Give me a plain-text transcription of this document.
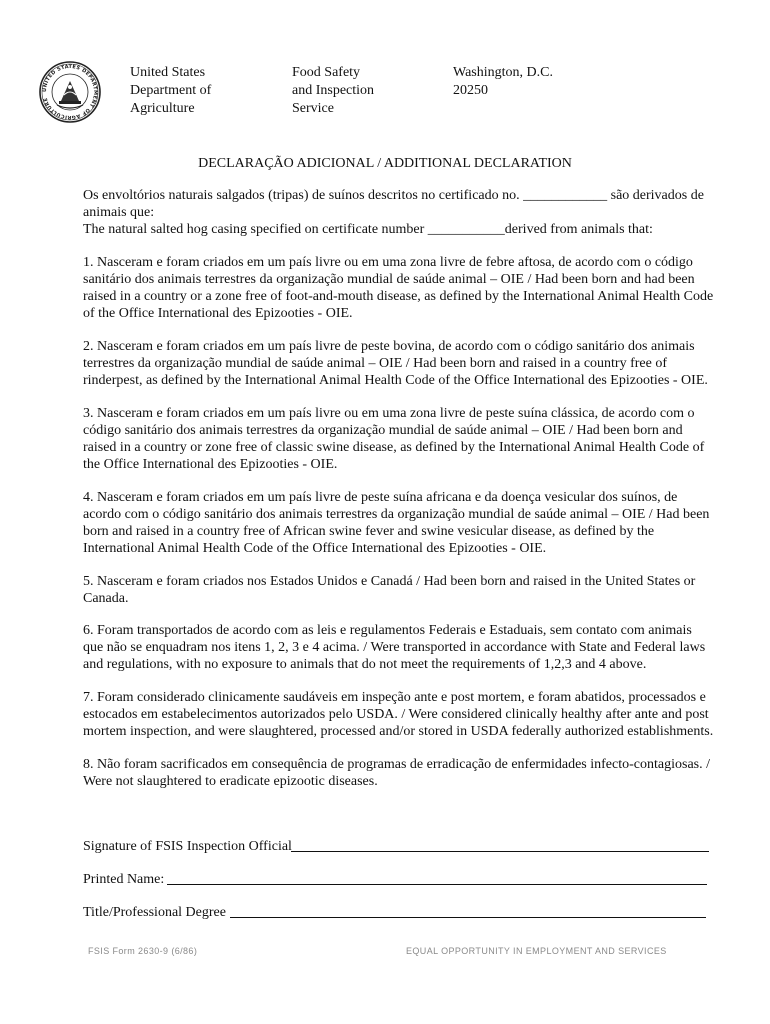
UNITED STATES DEPARTMENT OF AGRICULTURE
United States
Department of
Agriculture
Food Safety
and Inspection
Service
Washington, D.C.
20250
DECLARAÇÃO ADICIONAL / ADDITIONAL DECLARATION

Os envoltórios naturais salgados (tripas) de suínos descritos no certificado no. ____________ são derivados de animais que:

The natural salted hog casing specified on certificate number ___________derived from animals that:

1. Nasceram e foram criados em um país livre ou em uma zona livre de febre aftosa, de acordo com o código sanitário dos animais terrestres da organização mundial de saúde animal – OIE / Had been born and had been raised in a country or a zone free of foot-and-mouth disease, as defined by the International Animal Health Code of the Office International des Epizooties - OIE.

2. Nasceram e foram criados em um país livre de peste bovina, de acordo com o código sanitário dos animais terrestres da organização mundial de saúde animal – OIE / Had been born and raised in a country free of rinderpest, as defined by the International Animal Health Code of the Office International des Epizooties - OIE.

3. Nasceram e foram criados em um país livre ou em uma zona livre de peste suína clássica, de acordo com o código sanitário dos animais terrestres da organização mundial de saúde animal – OIE / Had been born and raised in a country or zone free of classic swine disease, as defined by the International Animal Health Code of the Office International des Epizooties - OIE.

4. Nasceram e foram criados em um país livre de peste suína africana e da doença vesicular dos suínos, de acordo com o código sanitário dos animais terrestres da organização mundial de saúde animal – OIE / Had been born and raised in a country free of African swine fever and swine vesicular disease, as defined by the International Animal Health Code of the Office International des Epizooties - OIE.

5. Nasceram e foram criados nos Estados Unidos e Canadá / Had been born and raised in the United States or Canada.

6. Foram transportados de acordo com as leis e regulamentos Federais e Estaduais, sem contato com animais que não se enquadram nos itens 1, 2, 3 e 4 acima. / Were transported in accordance with State and Federal laws and regulations, with no exposure to animals that do not meet the requirements of 1,2,3 and 4 above.

7. Foram considerado clinicamente saudáveis em inspeção ante e post mortem, e foram abatidos, processados e estocados em estabelecimentos autorizados pelo USDA. / Were considered clinically healthy after ante and post mortem inspection, and were slaughtered, processed and/or stored in USDA federally authorized establishments.

8. Não foram sacrificados em consequência de programas de erradicação de enfermidades infecto-contagiosas. / Were not slaughtered to eradicate epizootic diseases.

Signature of FSIS Inspection Official
Printed Name:
Title/Professional Degree
FSIS Form 2630-9 (6/86)	EQUAL OPPORTUNITY IN EMPLOYMENT AND SERVICES
